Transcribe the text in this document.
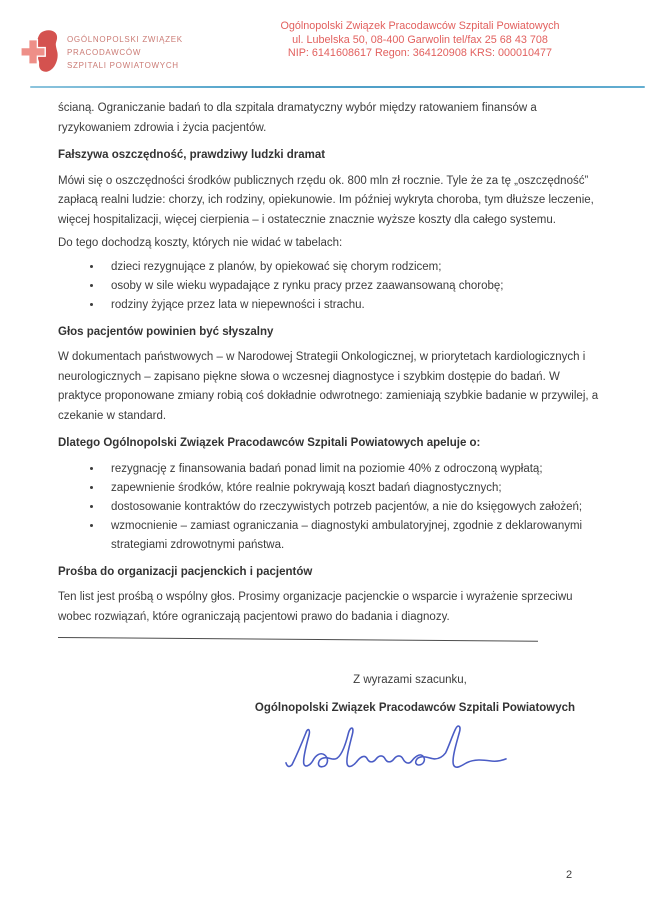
OGÓLNOPOLSKI ZWIĄZEK
PRACODAWCÓW
SZPITALI POWIATOWYCH
Ogólnopolski Związek Pracodawców Szpitali Powiatowych
ul. Lubelska 50, 08-400 Garwolin tel/fax 25 68 43 708
NIP: 6141608617 Regon: 364120908 KRS: 000010477

ścianą. Ograniczanie badań to dla szpitala dramatyczny wybór między ratowaniem finansów a ryzykowaniem zdrowia i życia pacjentów.

Fałszywa oszczędność, prawdziwy ludzki dramat

Mówi się o oszczędności środków publicznych rzędu ok. 800 mln zł rocznie. Tyle że za tę „oszczędność” zapłacą realni ludzie: chorzy, ich rodziny, opiekunowie. Im później wykryta choroba, tym dłuższe leczenie, więcej hospitalizacji, więcej cierpienia – i ostatecznie znacznie wyższe koszty dla całego systemu.

Do tego dochodzą koszty, których nie widać w tabelach:

• dzieci rezygnujące z planów, by opiekować się chorym rodzicem;
• osoby w sile wieku wypadające z rynku pracy przez zaawansowaną chorobę;
• rodziny żyjące przez lata w niepewności i strachu.
Głos pacjentów powinien być słyszalny

W dokumentach państwowych – w Narodowej Strategii Onkologicznej, w priorytetach kardiologicznych i neurologicznych – zapisano piękne słowa o wczesnej diagnostyce i szybkim dostępie do badań. W praktyce proponowane zmiany robią coś dokładnie odwrotnego: zamieniają szybkie badanie w przywilej, a czekanie w standard.

Dlatego Ogólnopolski Związek Pracodawców Szpitali Powiatowych apeluje o:
• rezygnację z finansowania badań ponad limit na poziomie 40% z odroczoną wypłatą;
• zapewnienie środków, które realnie pokrywają koszt badań diagnostycznych;
• dostosowanie kontraktów do rzeczywistych potrzeb pacjentów, a nie do księgowych założeń;
• wzmocnienie – zamiast ograniczania – diagnostyki ambulatoryjnej, zgodnie z deklarowanymi strategiami zdrowotnymi państwa.
Prośba do organizacji pacjenckich i pacjentów

Ten list jest prośbą o wspólny głos. Prosimy organizacje pacjenckie o wsparcie i wyrażenie sprzeciwu wobec rozwiązań, które ograniczają pacjentowi prawo do badania i diagnozy.

Z wyrazami szacunku,
Ogólnopolski Związek Pracodawców Szpitali Powiatowych
2
